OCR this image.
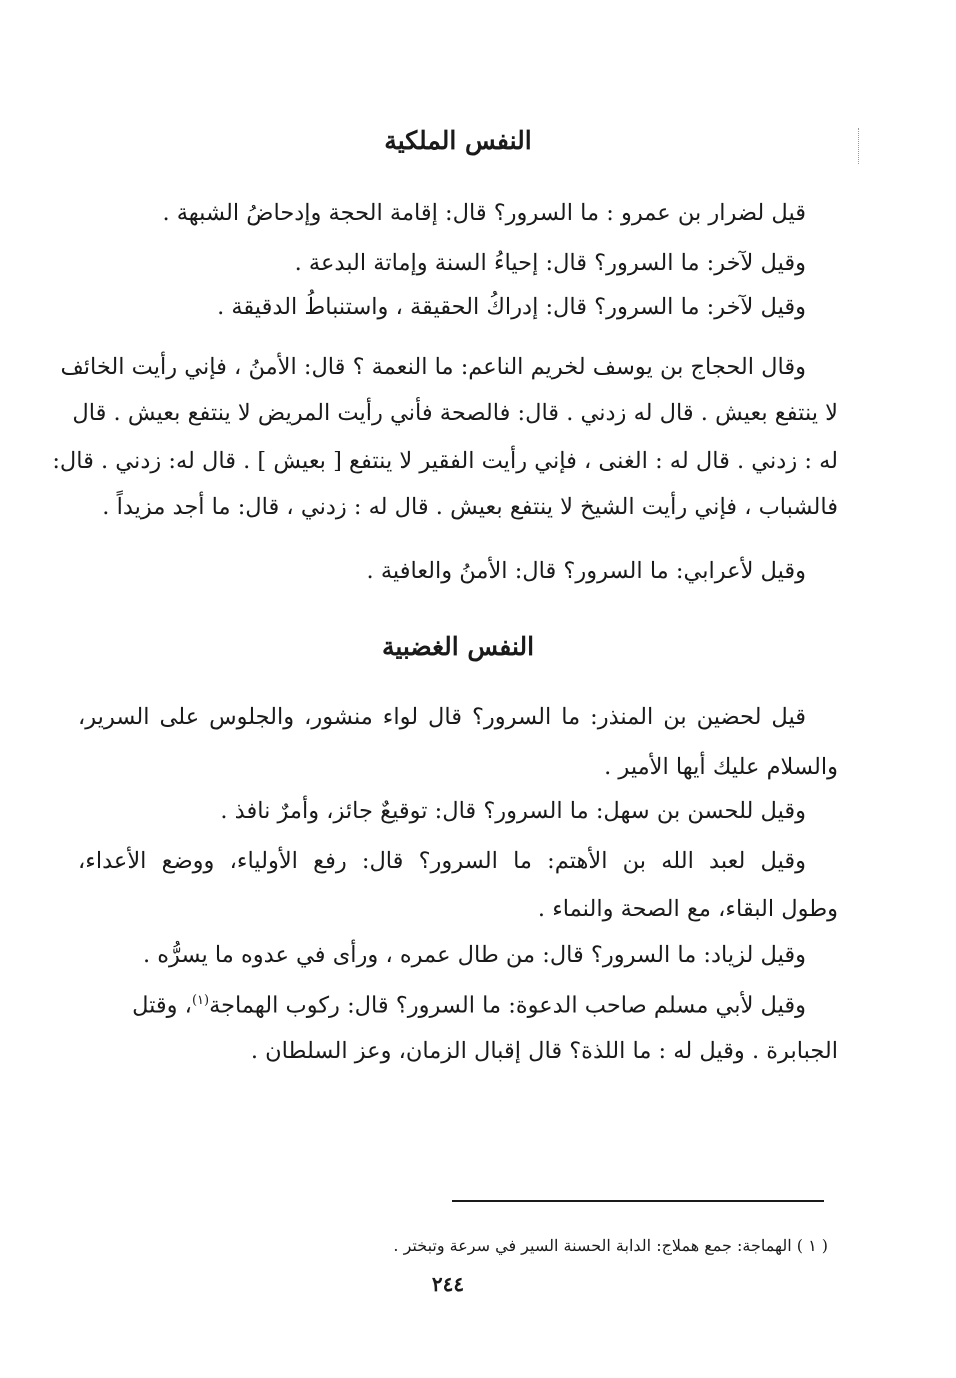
النفس الملكية
قيل لضرار بن عمرو : ما السرور؟ قال: إقامة الحجة وإدحاضُ الشبهة .
وقيل لآخر: ما السرور؟ قال: إحياءُ السنة وإماتة البدعة .
وقيل لآخر: ما السرور؟ قال: إدراكُ الحقيقة ، واستنباطُ الدقيقة .
وقال الحجاج بن يوسف لخريم الناعم: ما النعمة ؟ قال: الأمنُ ، فإني رأيت الخائف
لا ينتفع بعيش . قال له زدني . قال: فالصحة فأني رأيت المريض لا ينتفع بعيش . قال
له : زدني . قال له : الغنى ، فإني رأيت الفقير لا ينتفع [ بعيش ] . قال له: زدني . قال:
فالشباب ، فإني رأيت الشيخ لا ينتفع بعيش . قال له : زدني ، قال: ما أجد مزيداً .
وقيل لأعرابي: ما السرور؟ قال: الأمنُ والعافية .
النفس الغضبية
قيل لحضين بن المنذر: ما السرور؟ قال لواء منشور، والجلوس على السرير،
والسلام عليك أيها الأمير .
وقيل للحسن بن سهل: ما السرور؟ قال: توقيعٌ جائز، وأمرٌ نافذ .
وقيل لعبد الله بن الأهتم: ما السرور؟ قال: رفع الأولياء، ووضع الأعداء،
وطول البقاء، مع الصحة والنماء .
وقيل لزياد: ما السرور؟ قال: من طال عمره ، ورأى في عدوه ما يسرُّه .
وقيل لأبي مسلم صاحب الدعوة: ما السرور؟ قال: ركوب الهماجة$^{(١)}$، وقتل
الجبابرة . وقيل له : ما اللذة؟ قال إقبال الزمان، وعز السلطان .
( ١ ) الهماجة: جمع هملاج: الدابة الحسنة السير في سرعة وتبختر .
٢٤٤
